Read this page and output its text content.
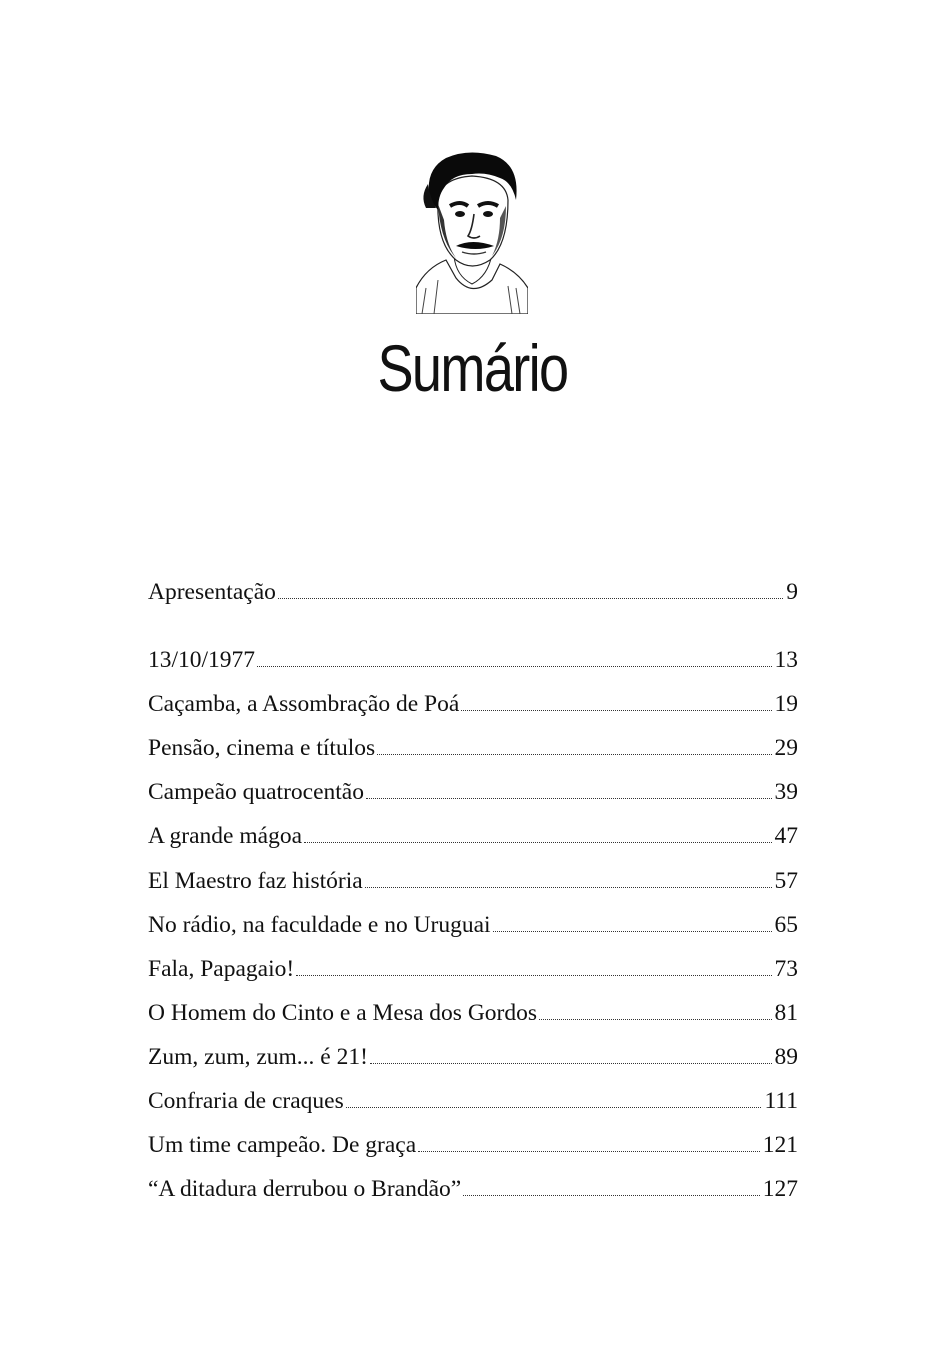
Sumário
Apresentação	9
13/10/1977	13
Caçamba, a Assombração de Poá	19
Pensão, cinema e títulos	29
Campeão quatrocentão	39
A grande mágoa	47
El Maestro faz história	57
No rádio, na faculdade e no Uruguai	65
Fala, Papagaio!	73
O Homem do Cinto e a Mesa dos Gordos	81
Zum, zum, zum... é 21!	89
Confraria de craques	111
Um time campeão. De graça	121
“A ditadura derrubou o Brandão”	127
